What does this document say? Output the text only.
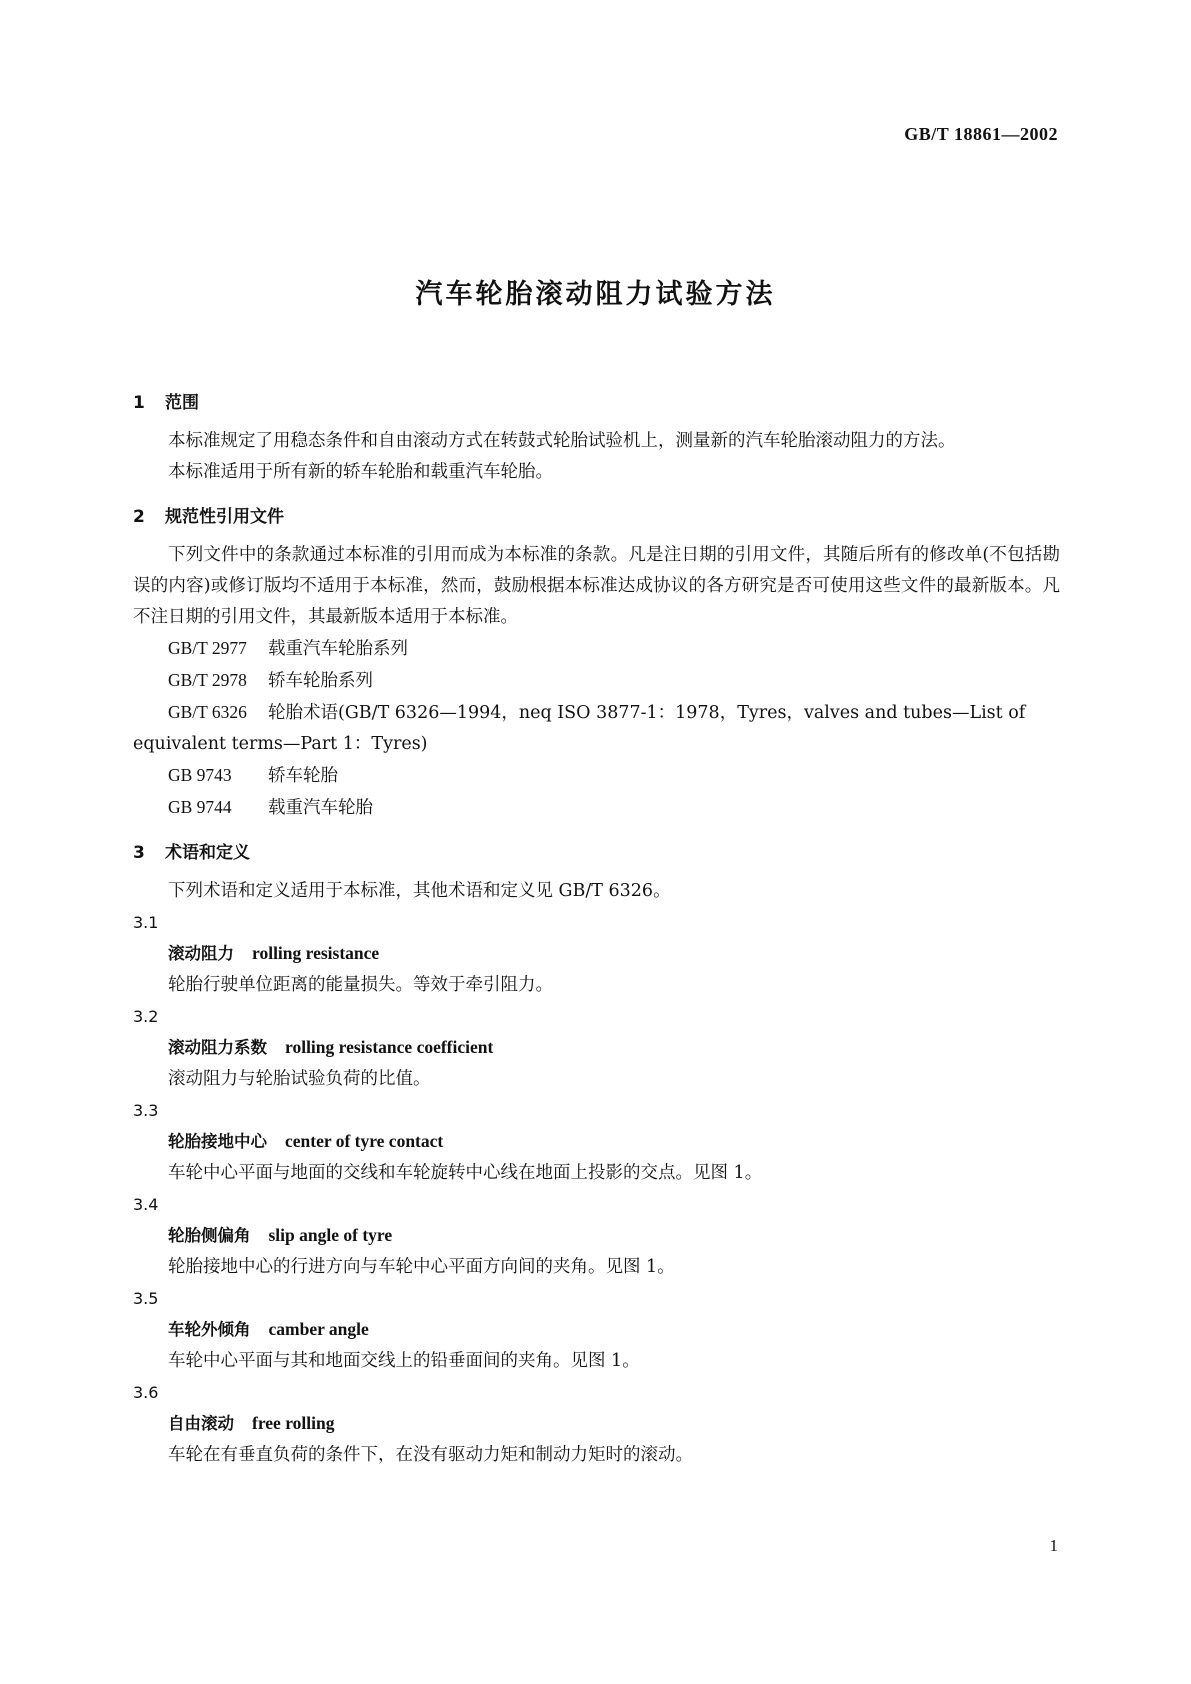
GB/T 18861—2002
汽车轮胎滚动阻力试验方法
1 范围

本标准规定了用稳态条件和自由滚动方式在转鼓式轮胎试验机上，测量新的汽车轮胎滚动阻力的方法。

本标准适用于所有新的轿车轮胎和载重汽车轮胎。

2 规范性引用文件

下列文件中的条款通过本标准的引用而成为本标准的条款。凡是注日期的引用文件，其随后所有的修改单(不包括勘误的内容)或修订版均不适用于本标准，然而，鼓励根据本标准达成协议的各方研究是否可使用这些文件的最新版本。凡不注日期的引用文件，其最新版本适用于本标准。

GB/T 2977 载重汽车轮胎系列

GB/T 2978 轿车轮胎系列

GB/T 6326 轮胎术语(GB/T 6326—1994，neq ISO 3877-1：1978，Tyres，valves and tubes—List of equivalent terms—Part 1：Tyres)

GB 9743 轿车轮胎

GB 9744 载重汽车轮胎

3 术语和定义

下列术语和定义适用于本标准，其他术语和定义见 GB/T 6326。

3.1

滚动阻力 rolling resistance

轮胎行驶单位距离的能量损失。等效于牵引阻力。

3.2

滚动阻力系数 rolling resistance coefficient

滚动阻力与轮胎试验负荷的比值。

3.3

轮胎接地中心 center of tyre contact

车轮中心平面与地面的交线和车轮旋转中心线在地面上投影的交点。见图 1。

3.4

轮胎侧偏角 slip angle of tyre

轮胎接地中心的行进方向与车轮中心平面方向间的夹角。见图 1。

3.5

车轮外倾角 camber angle

车轮中心平面与其和地面交线上的铅垂面间的夹角。见图 1。

3.6

自由滚动 free rolling

车轮在有垂直负荷的条件下，在没有驱动力矩和制动力矩时的滚动。

1
